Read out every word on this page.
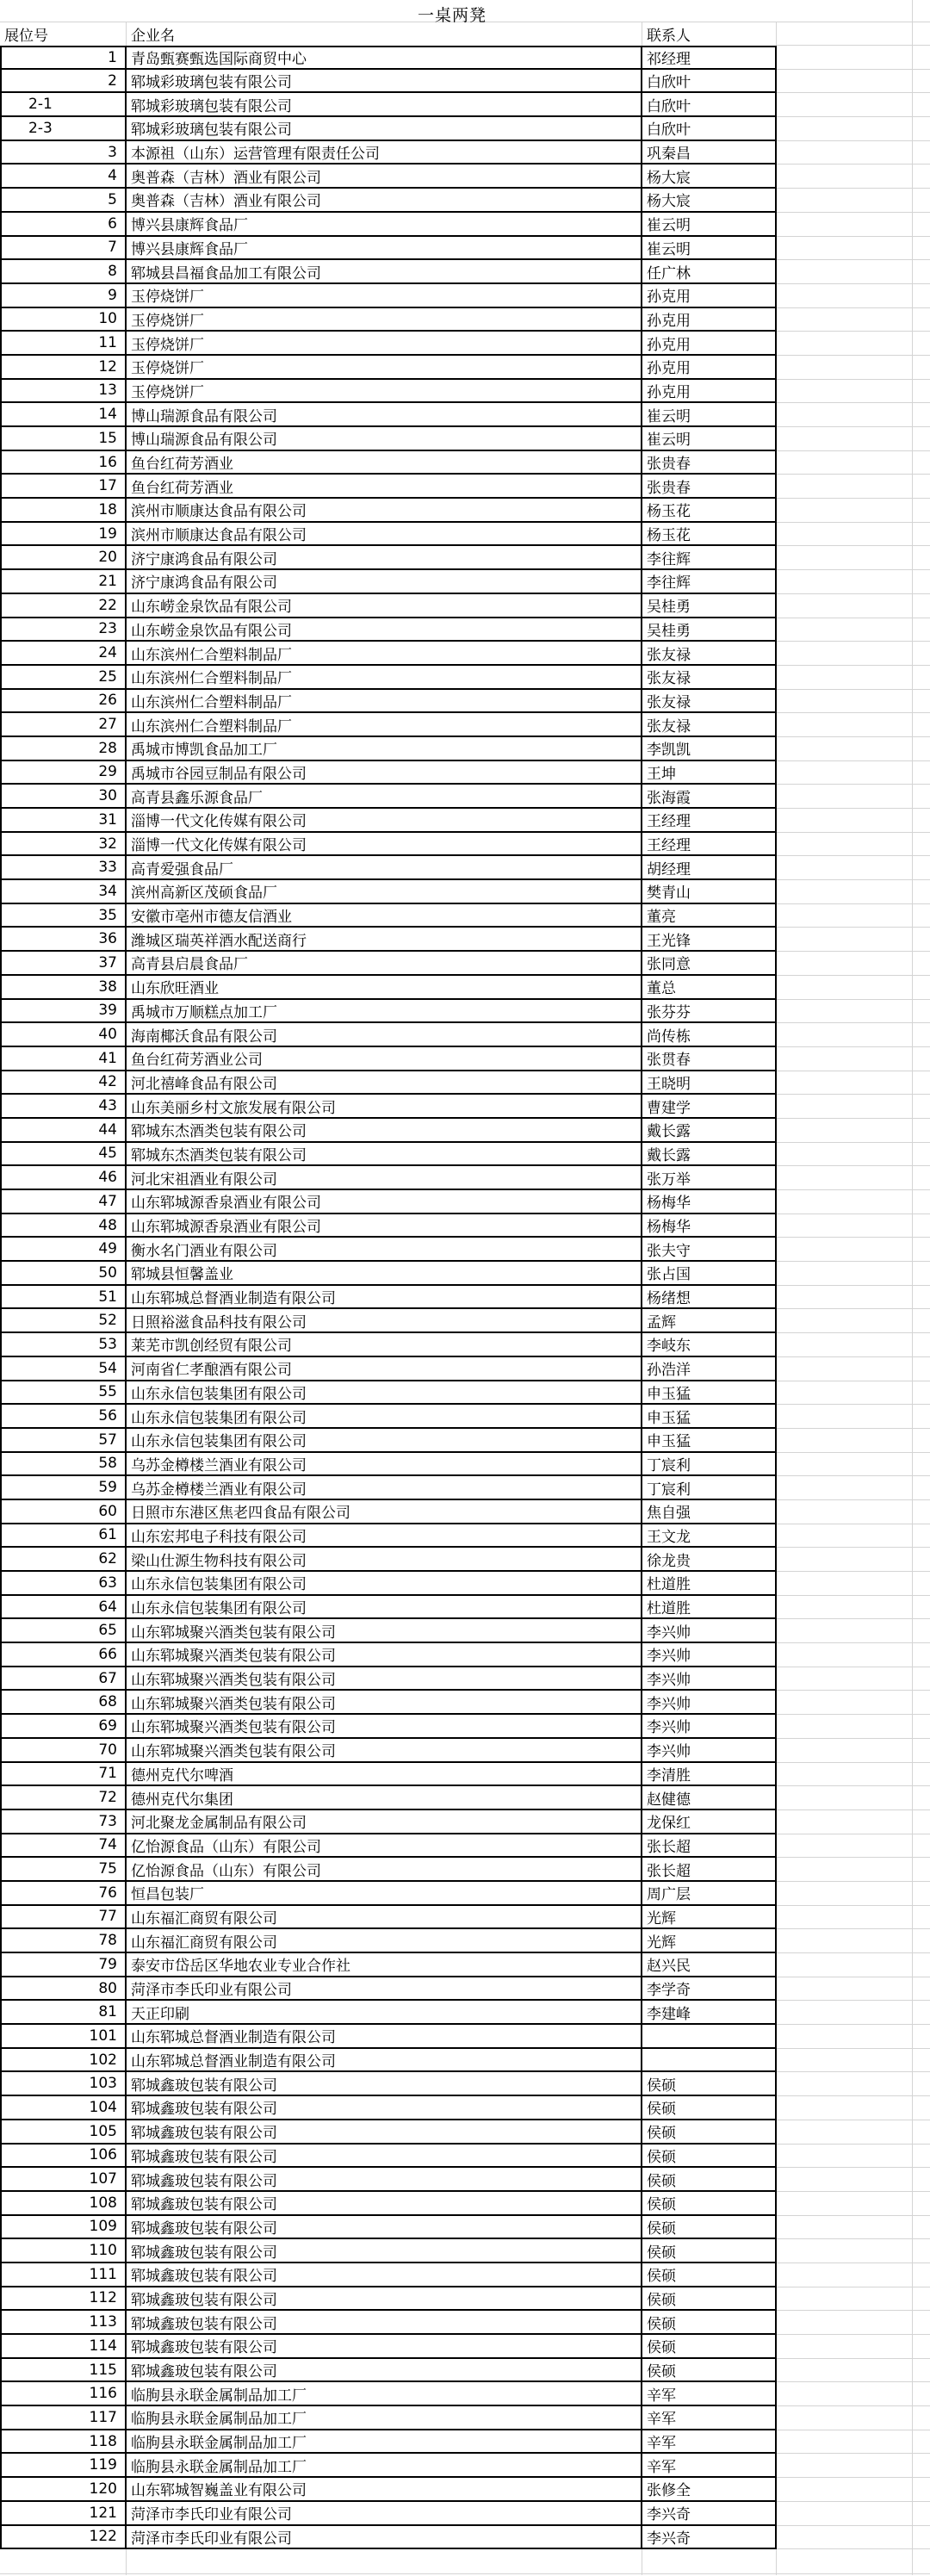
一桌两凳
展位号	企业名	联系人
1 青岛甄赛甄选国际商贸中心	祁经理
2 郓城彩玻璃包装有限公司	白欣叶
2-1	郓城彩玻璃包装有限公司	白欣叶
2-3	郓城彩玻璃包装有限公司	白欣叶
3 本源祖（山东）运营管理有限责任公司	巩秦昌
4 奥普森（吉林）酒业有限公司	杨大宸
5 奥普森（吉林）酒业有限公司	杨大宸
6 博兴县康辉食品厂	崔云明
7 博兴县康辉食品厂	崔云明
8 郓城县昌福食品加工有限公司	任广林
9 玉停烧饼厂	孙克用
10 玉停烧饼厂	孙克用
11 玉停烧饼厂	孙克用
12 玉停烧饼厂	孙克用
13 玉停烧饼厂	孙克用
14 博山瑞源食品有限公司	崔云明
15 博山瑞源食品有限公司	崔云明
16 鱼台红荷芳酒业	张贵春
17 鱼台红荷芳酒业	张贵春
18 滨州市顺康达食品有限公司	杨玉花
19 滨州市顺康达食品有限公司	杨玉花
20 济宁康鸿食品有限公司	李往辉
21 济宁康鸿食品有限公司	李往辉
22 山东崂金泉饮品有限公司	吴桂勇
23 山东崂金泉饮品有限公司	吴桂勇
24 山东滨州仁合塑料制品厂	张友禄
25 山东滨州仁合塑料制品厂	张友禄
26 山东滨州仁合塑料制品厂	张友禄
27 山东滨州仁合塑料制品厂	张友禄
28 禹城市博凯食品加工厂	李凯凯
29 禹城市谷园豆制品有限公司	王坤
30 高青县鑫乐源食品厂	张海霞
31 淄博一代文化传媒有限公司	王经理
32 淄博一代文化传媒有限公司	王经理
33 高青爱强食品厂	胡经理
34 滨州高新区茂硕食品厂	樊青山
35 安徽市亳州市德友信酒业	董亮
36 潍城区瑞英祥酒水配送商行	王光锋
37 高青县启晨食品厂	张同意
38 山东欣旺酒业	董总
39 禹城市万顺糕点加工厂	张芬芬
40 海南椰沃食品有限公司	尚传栋
41 鱼台红荷芳酒业公司	张贯春
42 河北禧峰食品有限公司	王晓明
43 山东美丽乡村文旅发展有限公司	曹建学
44 郓城东杰酒类包装有限公司	戴长露
45 郓城东杰酒类包装有限公司	戴长露
46 河北宋祖酒业有限公司	张万举
47 山东郓城源香泉酒业有限公司	杨梅华
48 山东郓城源香泉酒业有限公司	杨梅华
49 衡水名门酒业有限公司	张夫守
50 郓城县恒馨盖业	张占国
51 山东郓城总督酒业制造有限公司	杨绪想
52 日照裕滋食品科技有限公司	孟辉
53 莱芜市凯创经贸有限公司	李岐东
54 河南省仁孝酿酒有限公司	孙浩洋
55 山东永信包装集团有限公司	申玉猛
56 山东永信包装集团有限公司	申玉猛
57 山东永信包装集团有限公司	申玉猛
58 乌苏金樽楼兰酒业有限公司	丁宸利
59 乌苏金樽楼兰酒业有限公司	丁宸利
60 日照市东港区焦老四食品有限公司	焦自强
61 山东宏邦电子科技有限公司	王文龙
62 梁山仕源生物科技有限公司	徐龙贵
63 山东永信包装集团有限公司	杜道胜
64 山东永信包装集团有限公司	杜道胜
65 山东郓城聚兴酒类包装有限公司	李兴帅
66 山东郓城聚兴酒类包装有限公司	李兴帅
67 山东郓城聚兴酒类包装有限公司	李兴帅
68 山东郓城聚兴酒类包装有限公司	李兴帅
69 山东郓城聚兴酒类包装有限公司	李兴帅
70 山东郓城聚兴酒类包装有限公司	李兴帅
71 德州克代尔啤酒	李清胜
72 德州克代尔集团	赵健德
73 河北聚龙金属制品有限公司	龙保红
74 亿怡源食品（山东）有限公司	张长超
75 亿怡源食品（山东）有限公司	张长超
76 恒昌包装厂	周广层
77 山东福汇商贸有限公司	光辉
78 山东福汇商贸有限公司	光辉
79 泰安市岱岳区华地农业专业合作社	赵兴民
80 菏泽市李氏印业有限公司	李学奇
81 天正印刷	李建峰
101 山东郓城总督酒业制造有限公司
102 山东郓城总督酒业制造有限公司
103 郓城鑫玻包装有限公司	侯硕
104 郓城鑫玻包装有限公司	侯硕
105 郓城鑫玻包装有限公司	侯硕
106 郓城鑫玻包装有限公司	侯硕
107 郓城鑫玻包装有限公司	侯硕
108 郓城鑫玻包装有限公司	侯硕
109 郓城鑫玻包装有限公司	侯硕
110 郓城鑫玻包装有限公司	侯硕
111 郓城鑫玻包装有限公司	侯硕
112 郓城鑫玻包装有限公司	侯硕
113 郓城鑫玻包装有限公司	侯硕
114 郓城鑫玻包装有限公司	侯硕
115 郓城鑫玻包装有限公司	侯硕
116 临朐县永联金属制品加工厂	辛军
117 临朐县永联金属制品加工厂	辛军
118 临朐县永联金属制品加工厂	辛军
119 临朐县永联金属制品加工厂	辛军
120 山东郓城智巍盖业有限公司	张修全
121 菏泽市李氏印业有限公司	李兴奇
122 菏泽市李氏印业有限公司	李兴奇
